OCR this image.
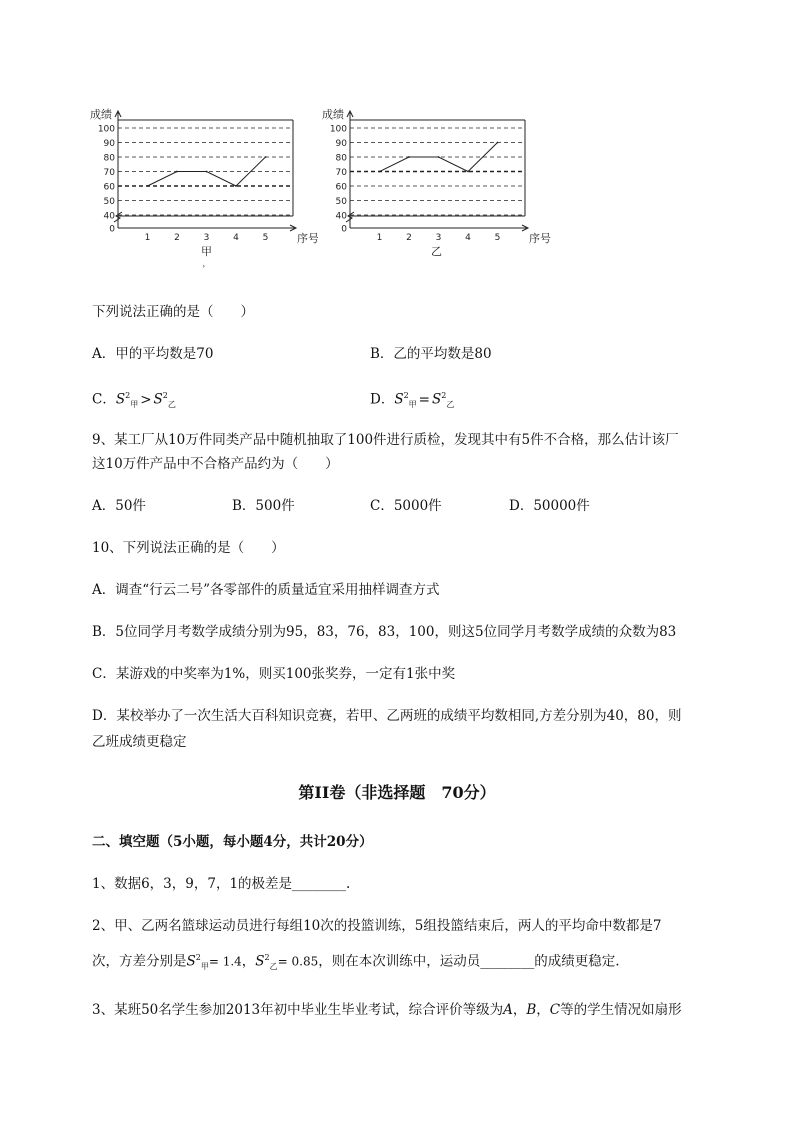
0
40
50
60
70
80
90
100
1	2	3	4	5
成绩
序号
甲
，
0
40
50
60
70
80
90
100
1	2	3	4	5
成绩
序号
乙
下列说法正确的是（　　）
A．甲的平均数是70	B．乙的平均数是80
C．$S^2_甲 > S^2_乙$	D．$S^2_甲 = S^2_乙$
9、某工厂从10万件同类产品中随机抽取了100件进行质检，发现其中有5件不合格，那么估计该厂
这10万件产品中不合格产品约为（　　）
A．50件	B．500件	C．5000件	D．50000件
10、下列说法正确的是（　　）
A．调查“行云二号”各零部件的质量适宜采用抽样调查方式
B．5位同学月考数学成绩分别为95，83，76，83，100，则这5位同学月考数学成绩的众数为83
C．某游戏的中奖率为1%，则买100张奖券，一定有1张中奖
D．某校举办了一次生活大百科知识竞赛，若甲、乙两班的成绩平均数相同,方差分别为40，80，则
乙班成绩更稳定
第II卷（非选择题　70分）
二、填空题（5小题，每小题4分，共计20分）
1、数据6，3，9，7，1的极差是________.
2、甲、乙两名篮球运动员进行每组10次的投篮训练，5组投篮结束后，两人的平均命中数都是7
次，方差分别是$S^2_甲= 1.4$，$S^2_乙= 0.85$，则在本次训练中，运动员________的成绩更稳定.
3、某班50名学生参加2013年初中毕业生毕业考试，综合评价等级为A，B，C等的学生情况如扇形
